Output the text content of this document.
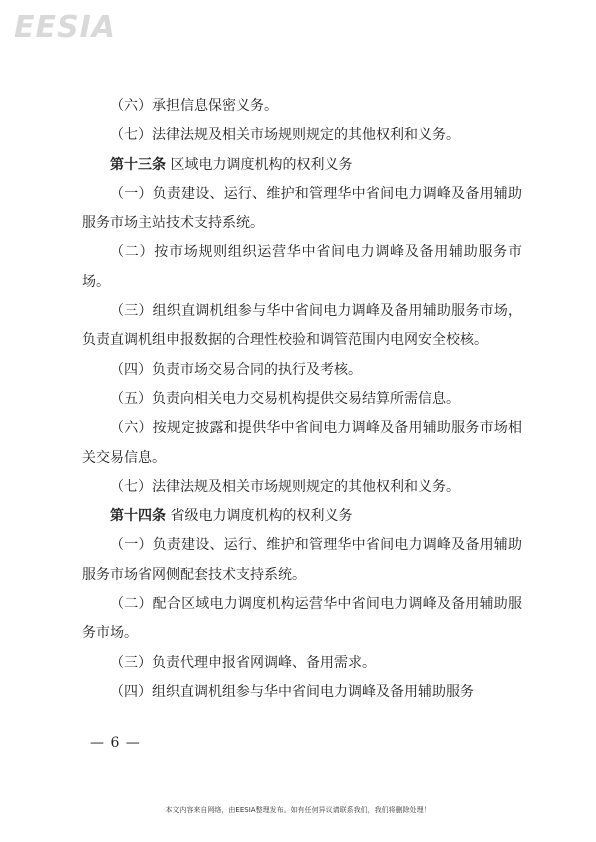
EESIA

（六）承担信息保密义务。

（七）法律法规及相关市场规则规定的其他权利和义务。

第十三条 区域电力调度机构的权利义务

（一）负责建设、运行、维护和管理华中省间电力调峰及备用辅助服务市场主站技术支持系统。

（二）按市场规则组织运营华中省间电力调峰及备用辅助服务市场。

（三）组织直调机组参与华中省间电力调峰及备用辅助服务市场，负责直调机组申报数据的合理性校验和调管范围内电网安全校核。

（四）负责市场交易合同的执行及考核。

（五）负责向相关电力交易机构提供交易结算所需信息。

（六）按规定披露和提供华中省间电力调峰及备用辅助服务市场相关交易信息。

（七）法律法规及相关市场规则规定的其他权利和义务。

第十四条 省级电力调度机构的权利义务

（一）负责建设、运行、维护和管理华中省间电力调峰及备用辅助服务市场省网侧配套技术支持系统。

（二）配合区域电力调度机构运营华中省间电力调峰及备用辅助服务市场。

（三）负责代理申报省网调峰、备用需求。

（四）组织直调机组参与华中省间电力调峰及备用辅助服务

— 6 —
本文内容来自网络，由EESIA整理发布。如有任何异议请联系我们，我们将删除处理！
